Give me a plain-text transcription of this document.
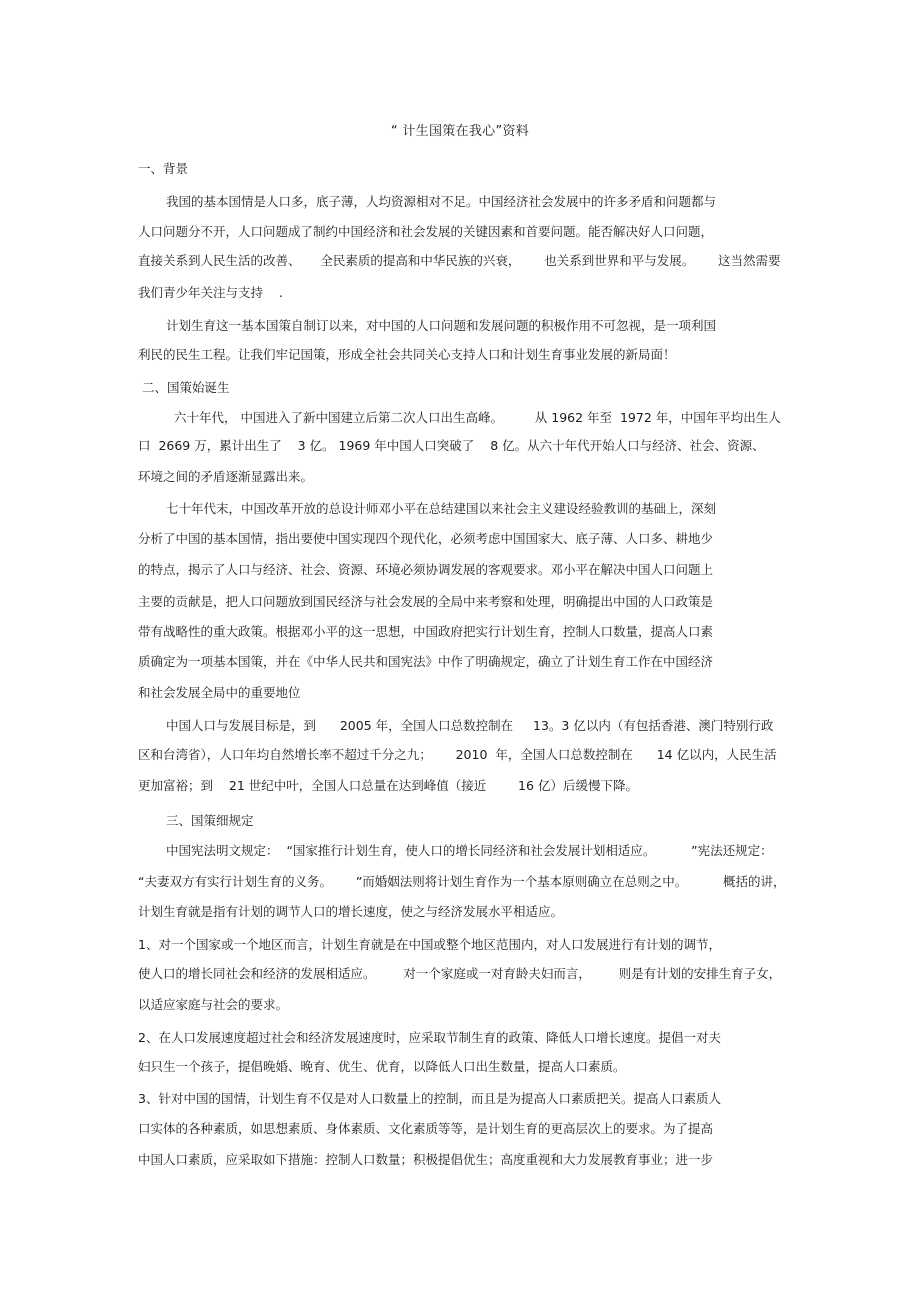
“ 计生国策在我心”资料
一、背景
我国的基本国情是人口多，底子薄，人均资源相对不足。中国经济社会发展中的许多矛盾和问题都与
人口问题分不开，人口问题成了制约中国经济和社会发展的关键因素和首要问题。能否解决好人口问题，
直接关系到人民生活的改善、     全民素质的提高和中华民族的兴衰，      也关系到世界和平与发展。      这当然需要
我们青少年关注与支持    .
计划生育这一基本国策自制订以来，对中国的人口问题和发展问题的积极作用不可忽视，是一项利国
利民的民生工程。让我们牢记国策，形成全社会共同关心支持人口和计划生育事业发展的新局面！
二、国策始诞生
六十年代， 中国进入了新中国建立后第二次人口出生高峰。        从 1962 年至  1972 年，中国年平均出生人
口  2669 万，累计出生了    3 亿。 1969 年中国人口突破了    8 亿。从六十年代开始人口与经济、社会、资源、
环境之间的矛盾逐渐显露出来。
七十年代末，中国改革开放的总设计师邓小平在总结建国以来社会主义建设经验教训的基础上，深刻
分析了中国的基本国情，指出要使中国实现四个现代化，必须考虑中国国家大、底子薄、人口多、耕地少
的特点，揭示了人口与经济、社会、资源、环境必须协调发展的客观要求。邓小平在解决中国人口问题上
主要的贡献是，把人口问题放到国民经济与社会发展的全局中来考察和处理，明确提出中国的人口政策是
带有战略性的重大政策。根据邓小平的这一思想，中国政府把实行计划生育，控制人口数量，提高人口素
质确定为一项基本国策，并在《中华人民共和国宪法》中作了明确规定，确立了计划生育工作在中国经济
和社会发展全局中的重要地位
中国人口与发展目标是，到      2005 年，全国人口总数控制在     13。3 亿以内（有包括香港、澳门特别行政
区和台湾省），人口年均自然增长率不超过千分之九；      2010  年，全国人口总数控制在      14 亿以内，人民生活
更加富裕；到    21 世纪中叶，全国人口总量在达到峰值（接近        16 亿）后缓慢下降。
三、国策细规定
中国宪法明文规定：  “国家推行计划生育，使人口的增长同经济和社会发展计划相适应。         ”宪法还规定：
“夫妻双方有实行计划生育的义务。      ”而婚姻法则将计划生育作为一个基本原则确立在总则之中。         概括的讲，
计划生育就是指有计划的调节人口的增长速度，使之与经济发展水平相适应。
1、对一个国家或一个地区而言，计划生育就是在中国或整个地区范围内，对人口发展进行有计划的调节，
使人口的增长同社会和经济的发展相适应。       对一个家庭或一对育龄夫妇而言，       则是有计划的安排生育子女，
以适应家庭与社会的要求。
2、在人口发展速度超过社会和经济发展速度时，应采取节制生育的政策、降低人口增长速度。提倡一对夫
妇只生一个孩子，提倡晚婚、晚育、优生、优育，以降低人口出生数量，提高人口素质。
3、针对中国的国情，计划生育不仅是对人口数量上的控制，而且是为提高人口素质把关。提高人口素质人
口实体的各种素质，如思想素质、身体素质、文化素质等等，是计划生育的更高层次上的要求。为了提高
中国人口素质，应采取如下措施：控制人口数量；积极提倡优生；高度重视和大力发展教育事业；进一步
